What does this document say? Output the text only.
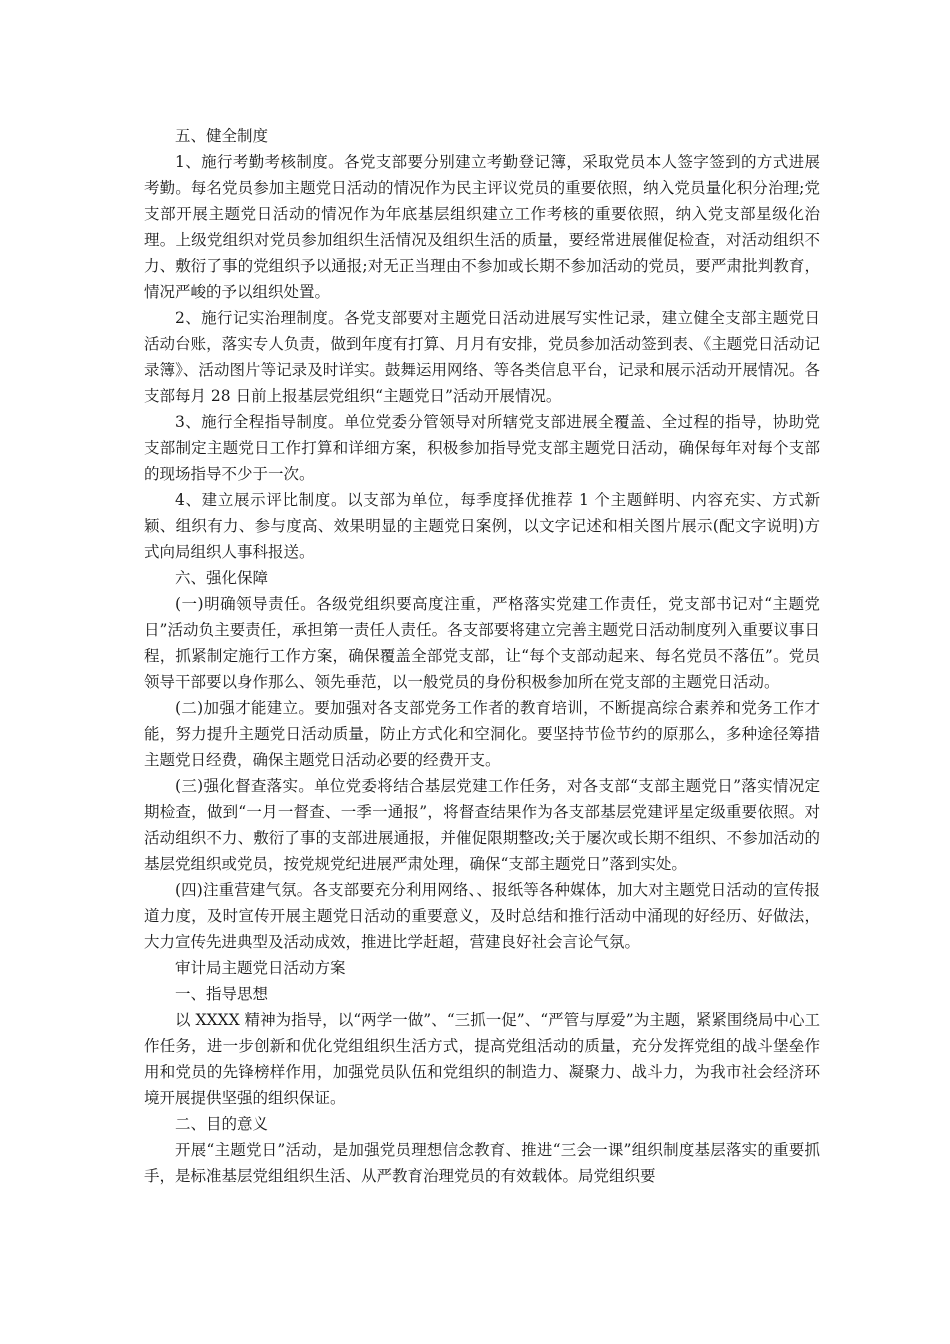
五、健全制度

1、施行考勤考核制度。各党支部要分别建立考勤登记簿，采取党员本人签字签到的方式进展考勤。每名党员参加主题党日活动的情况作为民主评议党员的重要依照，纳入党员量化积分治理;党支部开展主题党日活动的情况作为年底基层组织建立工作考核的重要依照，纳入党支部星级化治理。上级党组织对党员参加组织生活情况及组织生活的质量，要经常进展催促检查，对活动组织不力、敷衍了事的党组织予以通报;对无正当理由不参加或长期不参加活动的党员，要严肃批判教育，情况严峻的予以组织处置。

2、施行记实治理制度。各党支部要对主题党日活动进展写实性记录，建立健全支部主题党日活动台账，落实专人负责，做到年度有打算、月月有安排，党员参加活动签到表、《主题党日活动记录簿》、活动图片等记录及时详实。鼓舞运用网络、等各类信息平台，记录和展示活动开展情况。各支部每月 28 日前上报基层党组织“主题党日”活动开展情况。

3、施行全程指导制度。单位党委分管领导对所辖党支部进展全覆盖、全过程的指导，协助党支部制定主题党日工作打算和详细方案，积极参加指导党支部主题党日活动，确保每年对每个支部的现场指导不少于一次。

4、建立展示评比制度。以支部为单位，每季度择优推荐 1 个主题鲜明、内容充实、方式新颖、组织有力、参与度高、效果明显的主题党日案例，以文字记述和相关图片展示(配文字说明)方式向局组织人事科报送。

六、强化保障

(一)明确领导责任。各级党组织要高度注重，严格落实党建工作责任，党支部书记对“主题党日”活动负主要责任，承担第一责任人责任。各支部要将建立完善主题党日活动制度列入重要议事日程，抓紧制定施行工作方案，确保覆盖全部党支部，让“每个支部动起来、每名党员不落伍”。党员领导干部要以身作那么、领先垂范，以一般党员的身份积极参加所在党支部的主题党日活动。

(二)加强才能建立。要加强对各支部党务工作者的教育培训，不断提高综合素养和党务工作才能，努力提升主题党日活动质量，防止方式化和空洞化。要坚持节俭节约的原那么，多种途径筹措主题党日经费，确保主题党日活动必要的经费开支。

(三)强化督查落实。单位党委将结合基层党建工作任务，对各支部“支部主题党日”落实情况定期检查，做到“一月一督查、一季一通报”，将督查结果作为各支部基层党建评星定级重要依照。对活动组织不力、敷衍了事的支部进展通报，并催促限期整改;关于屡次或长期不组织、不参加活动的基层党组织或党员，按党规党纪进展严肃处理，确保“支部主题党日”落到实处。

(四)注重营建气氛。各支部要充分利用网络、、报纸等各种媒体，加大对主题党日活动的宣传报道力度，及时宣传开展主题党日活动的重要意义，及时总结和推行活动中涌现的好经历、好做法，大力宣传先进典型及活动成效，推进比学赶超，营建良好社会言论气氛。

审计局主题党日活动方案

一、指导思想

以 XXXX 精神为指导，以“两学一做”、“三抓一促”、“严管与厚爱”为主题，紧紧围绕局中心工作任务，进一步创新和优化党组组织生活方式，提高党组活动的质量，充分发挥党组的战斗堡垒作用和党员的先锋榜样作用，加强党员队伍和党组织的制造力、凝聚力、战斗力，为我市社会经济环境开展提供坚强的组织保证。

二、目的意义

开展“主题党日”活动，是加强党员理想信念教育、推进“三会一课”组织制度基层落实的重要抓手，是标准基层党组组织生活、从严教育治理党员的有效载体。局党组织要
